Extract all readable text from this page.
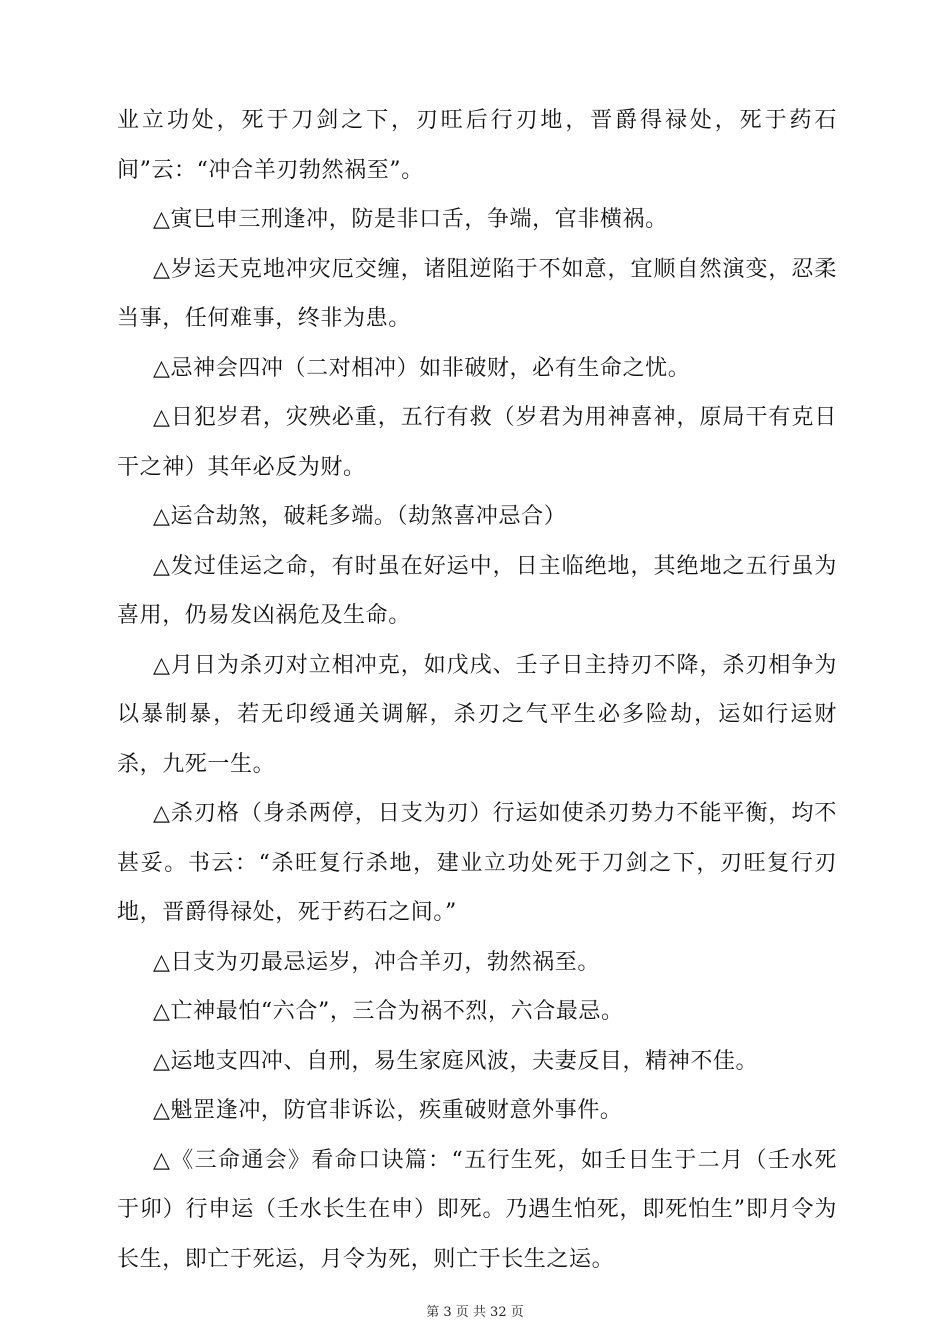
业立功处，死于刀剑之下，刃旺后行刃地，晋爵得禄处，死于药石间”云：“冲合羊刃勃然祸至”。

△寅巳申三刑逢冲，防是非口舌，争端，官非横祸。

△岁运天克地冲灾厄交缠，诸阻逆陷于不如意，宜顺自然演变，忍柔当事，任何难事，终非为患。

△忌神会四冲（二对相冲）如非破财，必有生命之忧。

△日犯岁君，灾殃必重，五行有救（岁君为用神喜神，原局干有克日干之神）其年必反为财。

△运合劫煞，破耗多端。（劫煞喜冲忌合）

△发过佳运之命，有时虽在好运中，日主临绝地，其绝地之五行虽为喜用，仍易发凶祸危及生命。

△月日为杀刃对立相冲克，如戊戌、壬子日主持刃不降，杀刃相争为以暴制暴，若无印绶通关调解，杀刃之气平生必多险劫，运如行运财杀，九死一生。

△杀刃格（身杀两停，日支为刃）行运如使杀刃势力不能平衡，均不甚妥。书云：“杀旺复行杀地，建业立功处死于刀剑之下，刃旺复行刃地，晋爵得禄处，死于药石之间。”

△日支为刃最忌运岁，冲合羊刃，勃然祸至。

△亡神最怕“六合”，三合为祸不烈，六合最忌。

△运地支四冲、自刑，易生家庭风波，夫妻反目，精神不佳。

△魁罡逢冲，防官非诉讼，疾重破财意外事件。

△《三命通会》看命口诀篇：“五行生死，如壬日生于二月（壬水死于卯）行申运（壬水长生在申）即死。乃遇生怕死，即死怕生”即月令为长生，即亡于死运，月令为死，则亡于长生之运。

第 3 页 共 32 页
